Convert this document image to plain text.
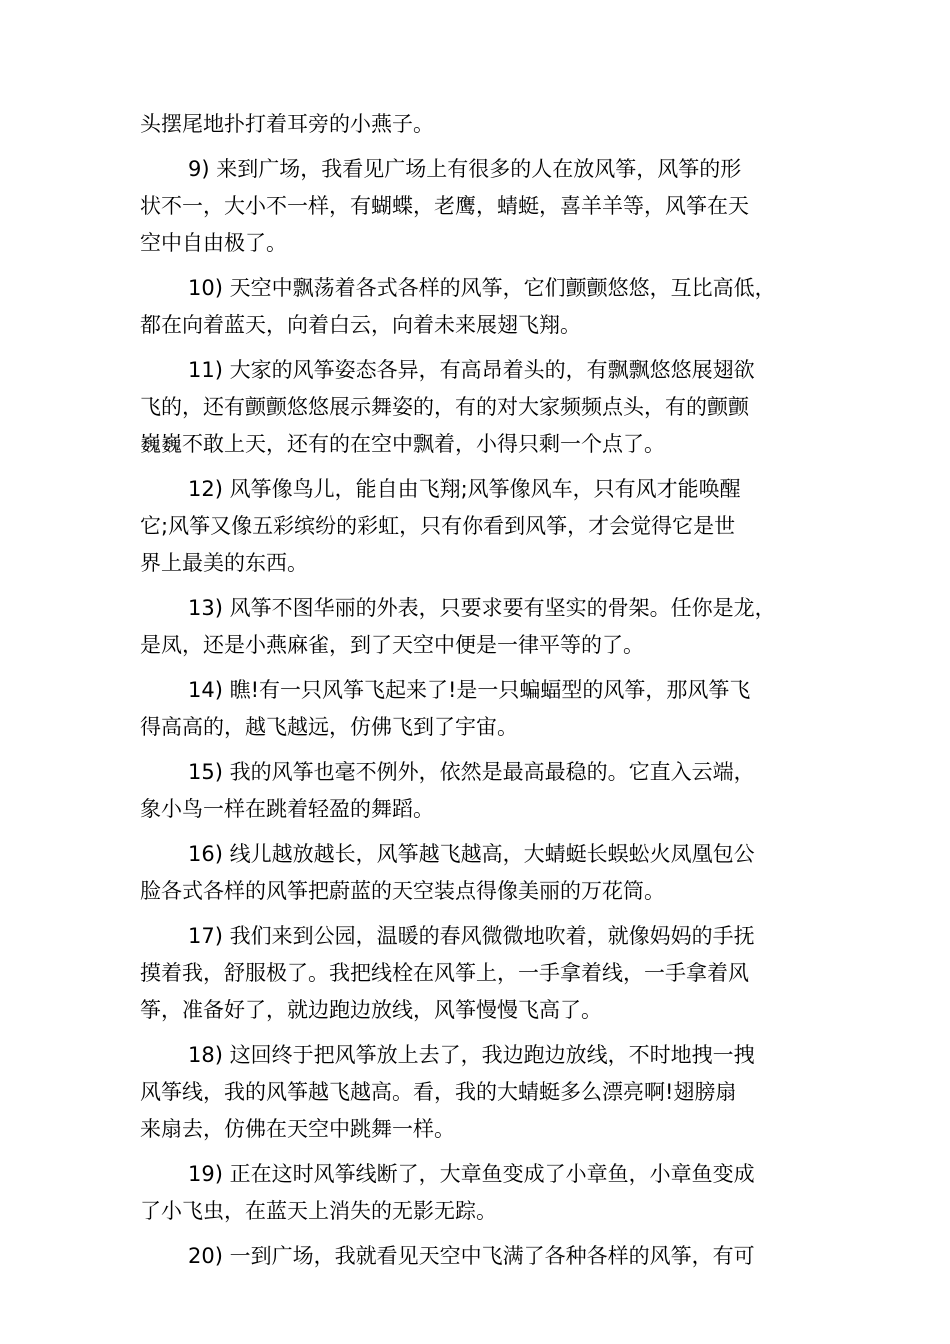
头摆尾地扑打着耳旁的小燕子。
9) 来到广场，我看见广场上有很多的人在放风筝，风筝的形
状不一，大小不一样，有蝴蝶，老鹰，蜻蜓，喜羊羊等，风筝在天
空中自由极了。
10) 天空中飘荡着各式各样的风筝，它们颤颤悠悠，互比高低，
都在向着蓝天，向着白云，向着未来展翅飞翔。
11) 大家的风筝姿态各异，有高昂着头的，有飘飘悠悠展翅欲
飞的，还有颤颤悠悠展示舞姿的，有的对大家频频点头，有的颤颤
巍巍不敢上天，还有的在空中飘着，小得只剩一个点了。
12) 风筝像鸟儿，能自由飞翔;风筝像风车，只有风才能唤醒
它;风筝又像五彩缤纷的彩虹，只有你看到风筝，才会觉得它是世
界上最美的东西。
13) 风筝不图华丽的外表，只要求要有坚实的骨架。任你是龙，
是凤，还是小燕麻雀，到了天空中便是一律平等的了。
14) 瞧!有一只风筝飞起来了!是一只蝙蝠型的风筝，那风筝飞
得高高的，越飞越远，仿佛飞到了宇宙。
15) 我的风筝也毫不例外，依然是最高最稳的。它直入云端，
象小鸟一样在跳着轻盈的舞蹈。
16) 线儿越放越长，风筝越飞越高，大蜻蜓长蜈蚣火凤凰包公
脸各式各样的风筝把蔚蓝的天空装点得像美丽的万花筒。
17) 我们来到公园，温暖的春风微微地吹着，就像妈妈的手抚
摸着我，舒服极了。我把线栓在风筝上，一手拿着线，一手拿着风
筝，准备好了，就边跑边放线，风筝慢慢飞高了。
18) 这回终于把风筝放上去了，我边跑边放线，不时地拽一拽
风筝线，我的风筝越飞越高。看，我的大蜻蜓多么漂亮啊!翅膀扇
来扇去，仿佛在天空中跳舞一样。
19) 正在这时风筝线断了，大章鱼变成了小章鱼，小章鱼变成
了小飞虫，在蓝天上消失的无影无踪。
20) 一到广场，我就看见天空中飞满了各种各样的风筝，有可
